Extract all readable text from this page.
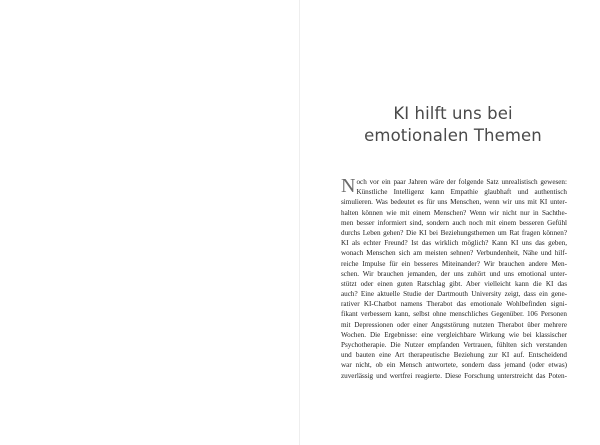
KI hilft uns bei
emotionalen Themen
N och vor ein paar Jahren wäre der folgende Satz unrealistisch gewesen:
Künstliche Intelligenz kann Empathie glaubhaft und authentisch
simulieren. Was bedeutet es für uns Menschen, wenn wir uns mit KI unter-
halten können wie mit einem Menschen? Wenn wir nicht nur in Sachthe-
men besser informiert sind, sondern auch noch mit einem besseren Gefühl
durchs Leben gehen? Die KI bei Beziehungsthemen um Rat fragen können?
KI als echter Freund? Ist das wirklich möglich? Kann KI uns das geben,
wonach Menschen sich am meisten sehnen? Verbundenheit, Nähe und hilf-
reiche Impulse für ein besseres Miteinander? Wir brauchen andere Men-
schen. Wir brauchen jemanden, der uns zuhört und uns emotional unter-
stützt oder einen guten Ratschlag gibt. Aber vielleicht kann die KI das
auch? Eine aktuelle Studie der Dartmouth University zeigt, dass ein gene-
rativer KI-Chatbot namens Therabot das emotionale Wohlbefinden signi-
fikant verbessern kann, selbst ohne menschliches Gegenüber. 106 Personen
mit Depressionen oder einer Angststörung nutzten Therabot über mehrere
Wochen. Die Ergebnisse: eine vergleichbare Wirkung wie bei klassischer
Psychotherapie. Die Nutzer empfanden Vertrauen, fühlten sich verstanden
und bauten eine Art therapeutische Beziehung zur KI auf. Entscheidend
war nicht, ob ein Mensch antwortete, sondern dass jemand (oder etwas)
zuverlässig und wertfrei reagierte. Diese Forschung unterstreicht das Poten-
